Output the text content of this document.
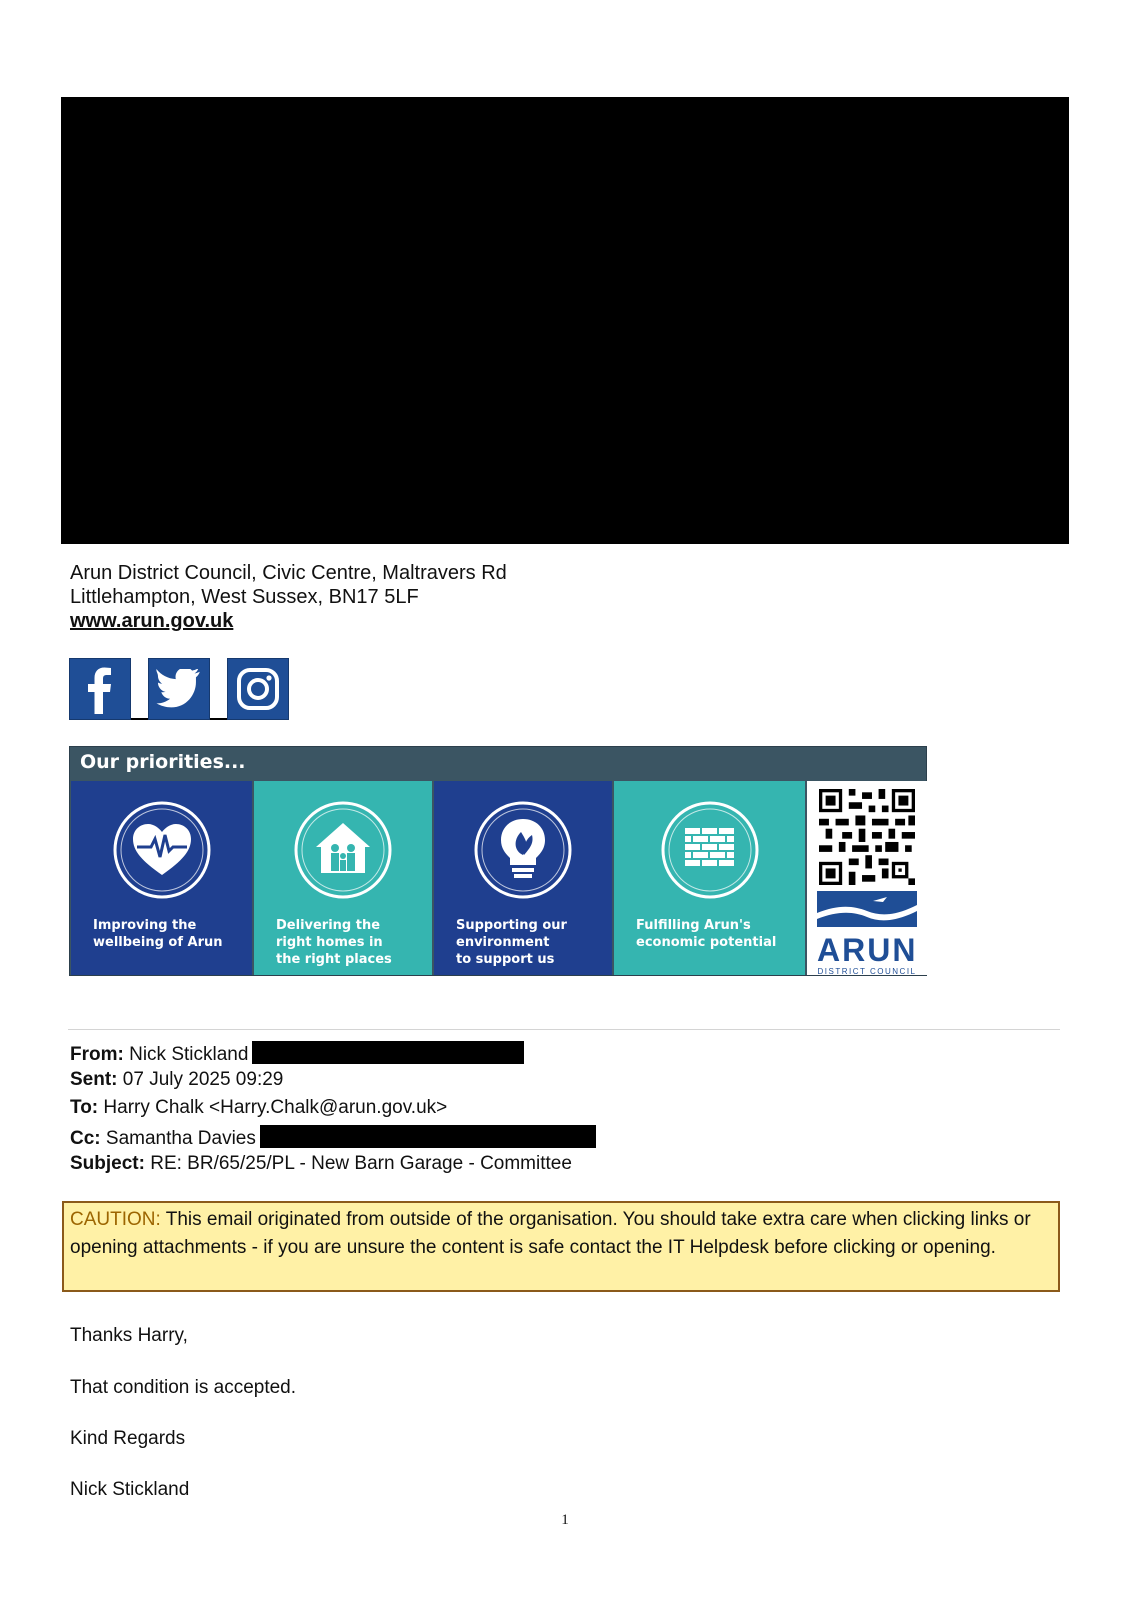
Arun District Council, Civic Centre, Maltravers Rd
Littlehampton, West Sussex, BN17 5LF
www.arun.gov.uk
Our priorities...
Improving the
wellbeing of Arun
Delivering the
right homes in
the right places
Supporting our
environment
to support us
Fulfilling Arun's
economic potential ARUN
DISTRICT COUNCIL
From: Nick Stickland
Sent: 07 July 2025 09:29
To: Harry Chalk <Harry.Chalk@arun.gov.uk>
Cc: Samantha Davies
Subject: RE: BR/65/25/PL - New Barn Garage - Committee
CAUTION: This email originated from outside of the organisation. You should take extra care when clicking links or opening attachments - if you are unsure the content is safe contact the IT Helpdesk before clicking or opening.
Thanks Harry,
That condition is accepted.
Kind Regards
Nick Stickland
1
